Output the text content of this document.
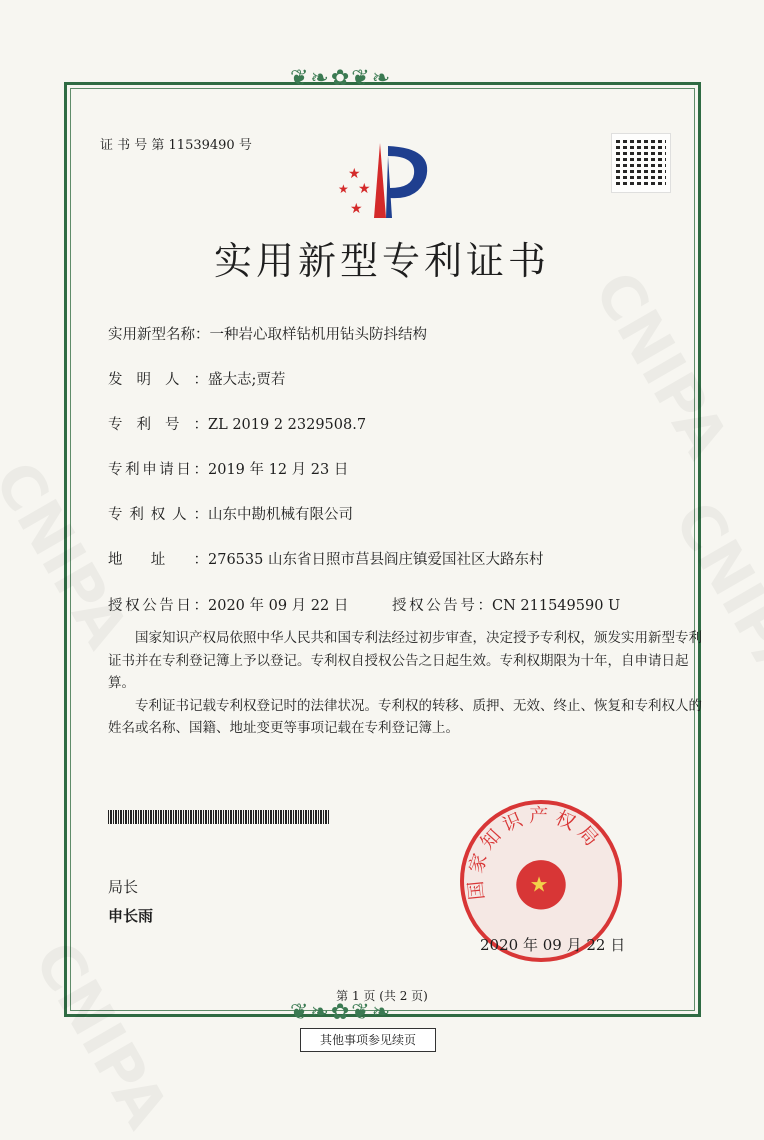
❦❧✿❦❧
❦❧✿❦❧
证 书 号 第 11539490 号
★
★ ★
★
实用新型专利证书
实用新型名称：一种岩心取样钻机用钻头防抖结构
发明人：盛大志;贾若
专利号：ZL 2019 2 2329508.7
专利申请日：2019 年 12 月 23 日
专利权人：山东中勘机械有限公司
地址：276535 山东省日照市莒县阎庄镇爱国社区大路东村
授权公告日：2020 年 09 月 22 日	授权公告号：CN 211549590 U

国家知识产权局依照中华人民共和国专利法经过初步审查，决定授予专利权，颁发实用新型专利证书并在专利登记簿上予以登记。专利权自授权公告之日起生效。专利权期限为十年，自申请日起算。

专利证书记载专利权登记时的法律状况。专利权的转移、质押、无效、终止、恢复和专利权人的姓名或名称、国籍、地址变更等事项记载在专利登记簿上。

局长
申长雨
国家知识产权局
★
2020 年 09 月 22 日
第 1 页 (共 2 页)
其他事项参见续页
